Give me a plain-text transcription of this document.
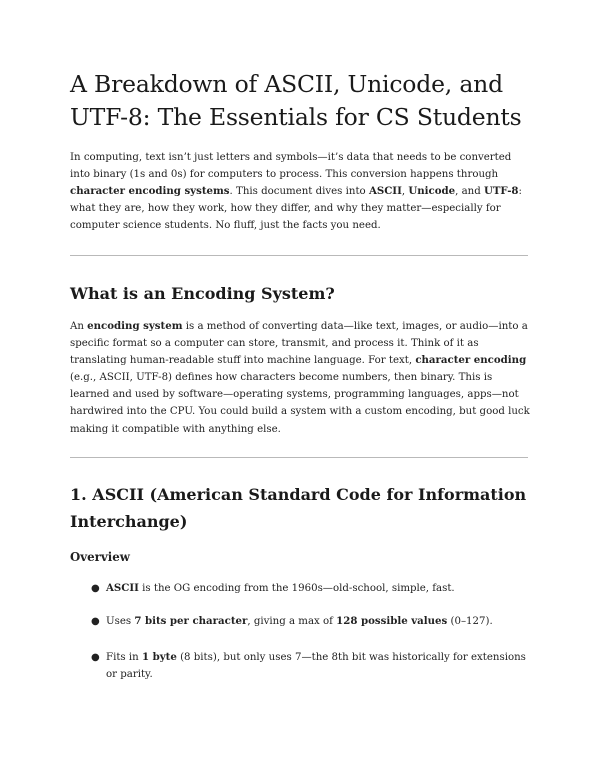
A Breakdown of ASCII, Unicode, and UTF-8: The Essentials for CS Students

In computing, text isn’t just letters and symbols—it’s data that needs to be converted into binary (1s and 0s) for computers to process. This conversion happens through character encoding systems. This document dives into ASCII, Unicode, and UTF-8: what they are, how they work, how they differ, and why they matter—especially for computer science students. No fluff, just the facts you need.

What is an Encoding System?

An encoding system is a method of converting data—like text, images, or audio—into a specific format so a computer can store, transmit, and process it. Think of it as translating human-readable stuff into machine language. For text, character encoding (e.g., ASCII, UTF-8) defines how characters become numbers, then binary. This is learned and used by software—operating systems, programming languages, apps—not hardwired into the CPU. You could build a system with a custom encoding, but good luck making it compatible with anything else.

1. ASCII (American Standard Code for Information Interchange)
Overview
● ASCII is the OG encoding from the 1960s—old-school, simple, fast.

● Uses 7 bits per character, giving a max of 128 possible values (0–127).

● Fits in 1 byte (8 bits), but only uses 7—the 8th bit was historically for extensions or parity.
